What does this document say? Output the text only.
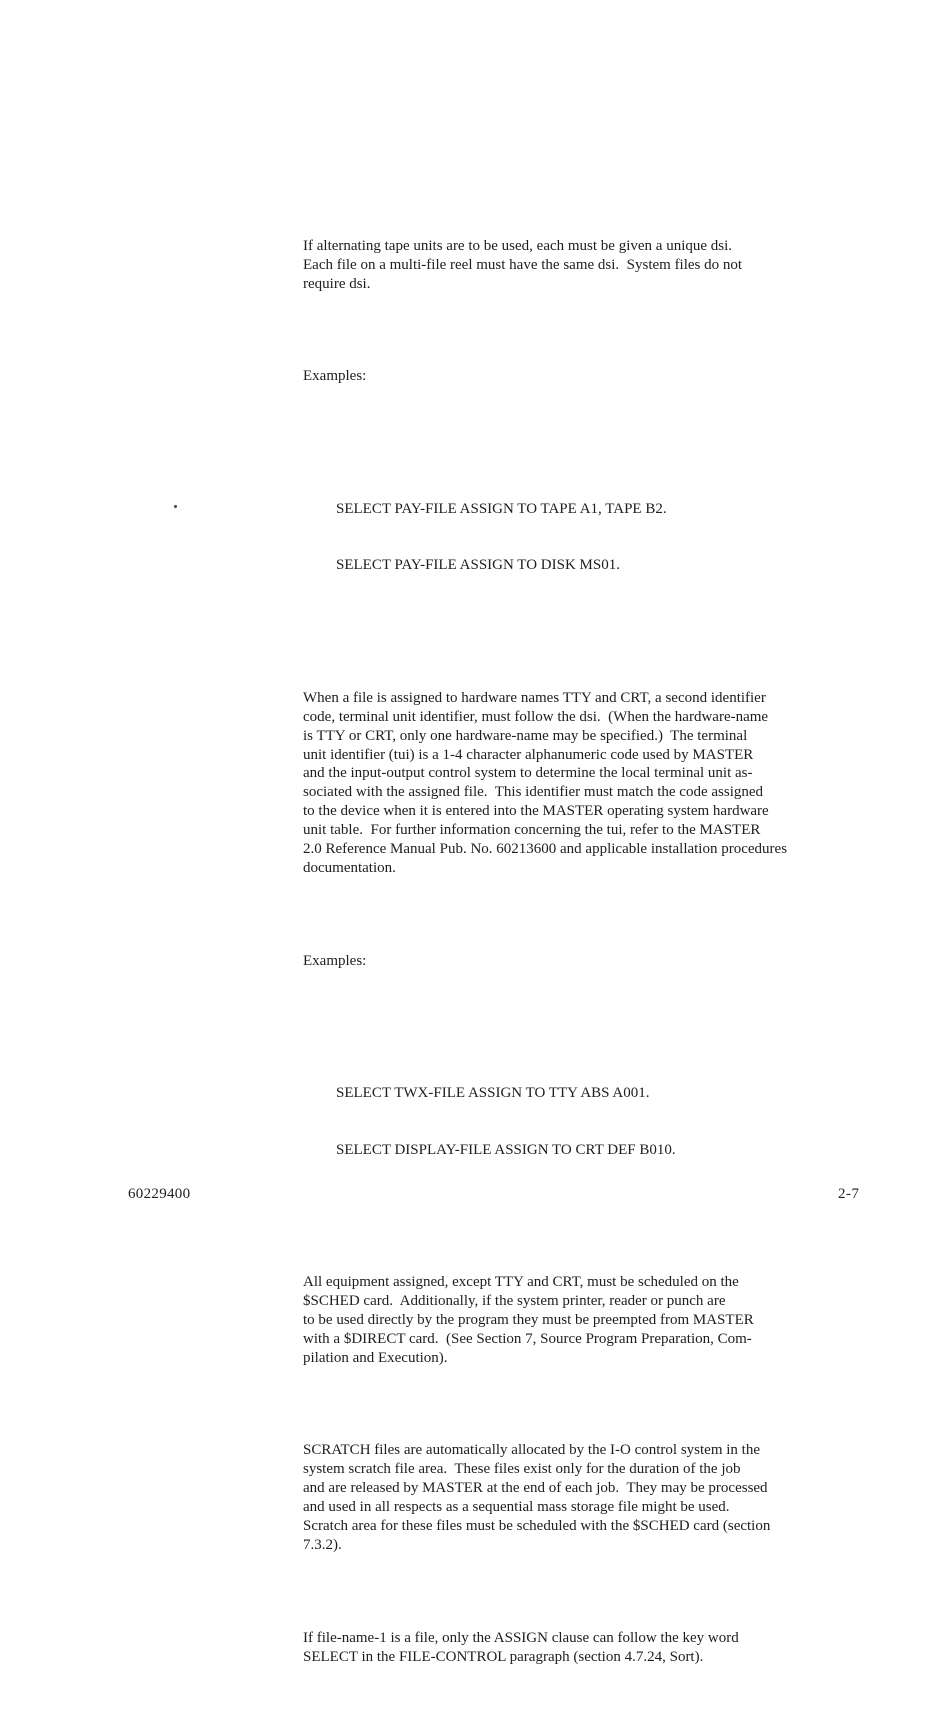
If alternating tape units are to be used, each must be given a unique dsi.
Each file on a multi-file reel must have the same dsi.  System files do not
require dsi.

Examples:

SELECT PAY-FILE ASSIGN TO TAPE A1, TAPE B2.

SELECT PAY-FILE ASSIGN TO DISK MS01.

When a file is assigned to hardware names TTY and CRT, a second identifier
code, terminal unit identifier, must follow the dsi.  (When the hardware-name
is TTY or CRT, only one hardware-name may be specified.)  The terminal
unit identifier (tui) is a 1-4 character alphanumeric code used by MASTER
and the input-output control system to determine the local terminal unit as-
sociated with the assigned file.  This identifier must match the code assigned
to the device when it is entered into the MASTER operating system hardware
unit table.  For further information concerning the tui, refer to the MASTER
2.0 Reference Manual Pub. No. 60213600 and applicable installation procedures
documentation.

Examples:

SELECT TWX-FILE ASSIGN TO TTY ABS A001.

SELECT DISPLAY-FILE ASSIGN TO CRT DEF B010.

All equipment assigned, except TTY and CRT, must be scheduled on the
$SCHED card.  Additionally, if the system printer, reader or punch are
to be used directly by the program they must be preempted from MASTER
with a $DIRECT card.  (See Section 7, Source Program Preparation, Com-
pilation and Execution).

SCRATCH files are automatically allocated by the I-O control system in the
system scratch file area.  These files exist only for the duration of the job
and are released by MASTER at the end of each job.  They may be processed
and used in all respects as a sequential mass storage file might be used.
Scratch area for these files must be scheduled with the $SCHED card (section
7.3.2).

If file-name-1 is a file, only the ASSIGN clause can follow the key word
SELECT in the FILE-CONTROL paragraph (section 4.7.24, Sort).

60229400	2-7
